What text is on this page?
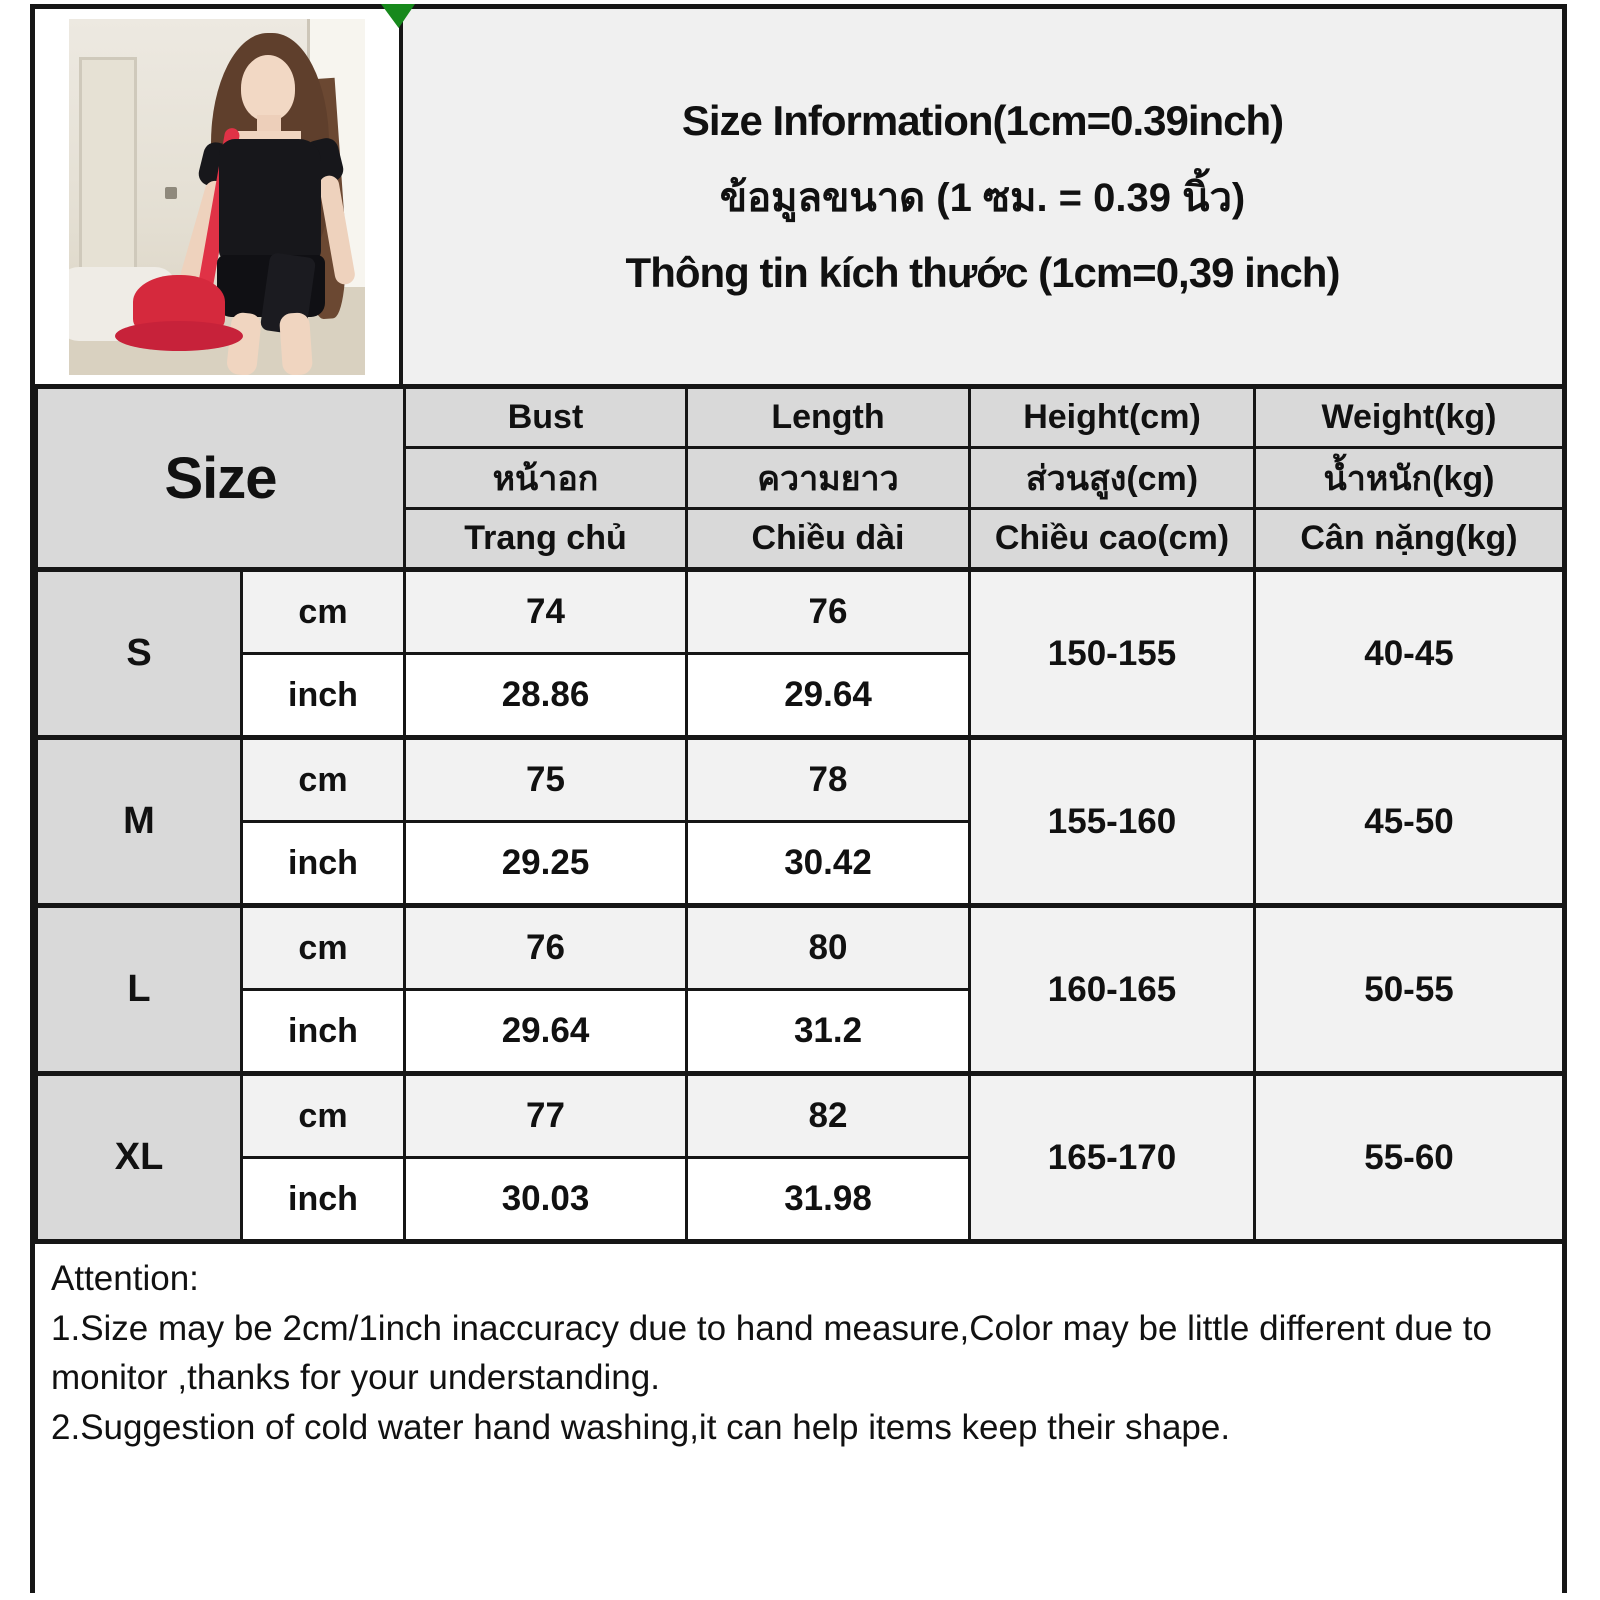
Size Information(1cm=0.39inch)
ข้อมูลขนาด (1 ซม. = 0.39 นิ้ว)
Thông tin kích thước (1cm=0,39 inch)
Size		Bust	Length	Height(cm)	Weight(kg)
		หน้าอก	ความยาว	ส่วนสูง(cm)	น้ำหนัก(kg)
		Trang chủ	Chiều dài	Chiều cao(cm)	Cân nặng(kg)
S	cm	74	76	150-155	40-45
	inch	28.86	29.64		
M	cm	75	78	155-160	45-50
	inch	29.25	30.42		
L	cm	76	80	160-165	50-55
	inch	29.64	31.2		
XL	cm	77	82	165-170	55-60
	inch	30.03	31.98		

Attention:

1.Size may be 2cm/1inch inaccuracy due to hand measure,Color may be little different due to monitor ,thanks for your understanding.

2.Suggestion of cold water hand washing,it can help items keep their shape.
